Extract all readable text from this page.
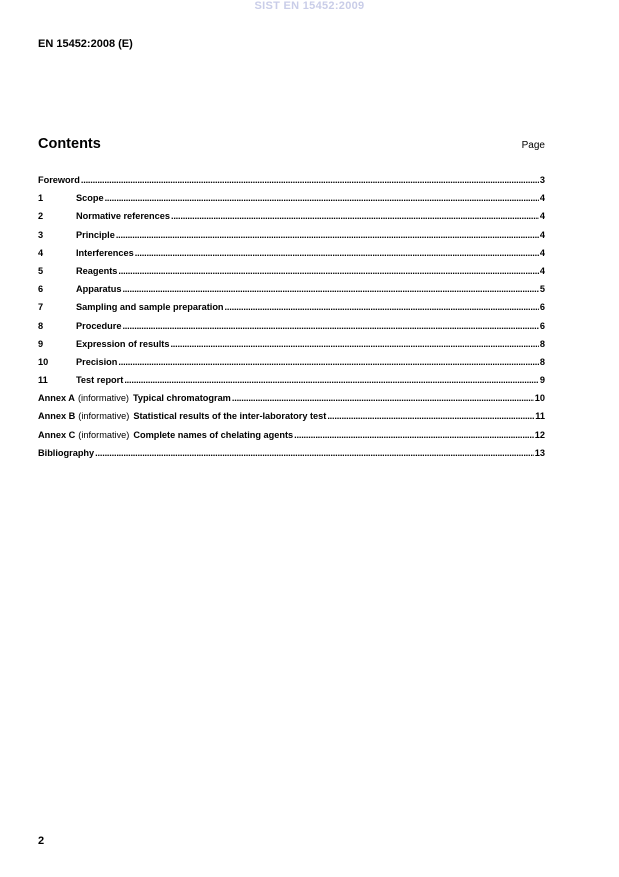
SIST EN 15452:2009
EN 15452:2008 (E)
Contents	Page
Foreword .....	3
1	Scope .....	4
2	Normative references .....	4
3	Principle .....	4
4	Interferences .....	4
5	Reagents .....	4
6	Apparatus .....	5
7	Sampling and sample preparation .....	6
8	Procedure .....	6
9	Expression of results .....	8
10	Precision .....	8
11	Test report .....	9
Annex A (informative) Typical chromatogram .....	10
Annex B (informative) Statistical results of the inter-laboratory test .....	11
Annex C (informative) Complete names of chelating agents .....	12
Bibliography .....	13
2
